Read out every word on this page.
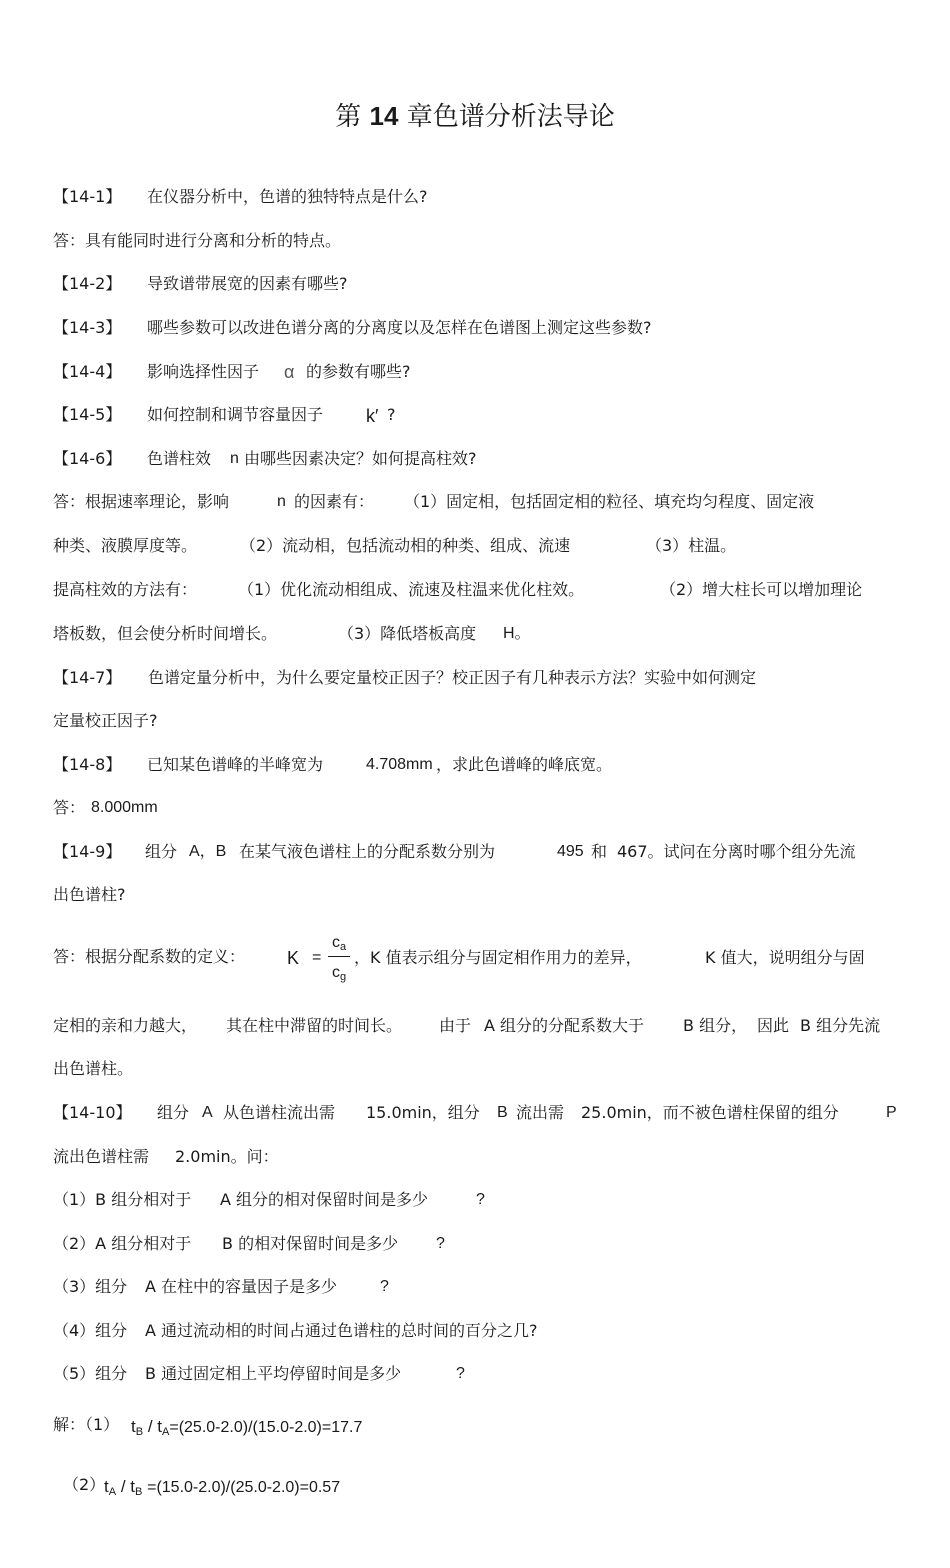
第 14 章色谱分析法导论
【14-1】 在仪器分析中，色谱的独特特点是什么?
答：具有能同时进行分离和分析的特点。
【14-2】 导致谱带展宽的因素有哪些?
【14-3】 哪些参数可以改进色谱分离的分离度以及怎样在色谱图上测定这些参数?
【14-4】 影响选择性因子 α 的参数有哪些?
【14-5】 如何控制和调节容量因子 k′ ?
【14-6】 色谱柱效 n 由哪些因素决定？如何提高柱效?
答：根据速率理论，影响	n 的因素有： （1）固定相，包括固定相的粒径、填充均匀程度、固定液
种类、液膜厚度等。	（2）流动相，包括流动相的种类、组成、流速	（3）柱温。
提高柱效的方法有：	（1）优化流动相组成、流速及柱温来优化柱效。	（2）增大柱长可以增加理论
塔板数，但会使分析时间增长。	（3）降低塔板高度 H。
【14-7】 色谱定量分析中，为什么要定量校正因子？校正因子有几种表示方法？实验中如何测定
定量校正因子?
【14-8】 已知某色谱峰的半峰宽为	4.708mm ，求此色谱峰的峰底宽。
答： 8.000mm
【14-9】 组分 A，B 在某气液色谱柱上的分配系数分别为	495 和 467。试问在分离时哪个组分先流
出色谱柱?
答：根据分配系数的定义： K =
$c_a$
$c_g$
，K 值表示组分与固定相作用力的差异，	K 值大，说明组分与固
定相的亲和力越大， 其在柱中滞留的时间长。 由于 A 组分的分配系数大于 B 组分， 因此 B 组分先流
出色谱柱。
【14-10】 组分 A 从色谱柱流出需 15.0min，组分 B 流出需 25.0min，而不被色谱柱保留的组分	P
流出色谱柱需 2.0min。问：
（1）B 组分相对于 A 组分的相对保留时间是多少	?
（2）A 组分相对于 B 的相对保留时间是多少 ?
（3）组分 A 在柱中的容量因子是多少	?
（4）组分 A 通过流动相的时间占通过色谱柱的总时间的百分之几?
（5）组分 B 通过固定相上平均停留时间是多少	?
解：（1） $t_B / t_A=(25.0-2.0)/(15.0-2.0)=17.7$
（2）
$t_A / t_B =(15.0-2.0)/(25.0-2.0)=0.57$
